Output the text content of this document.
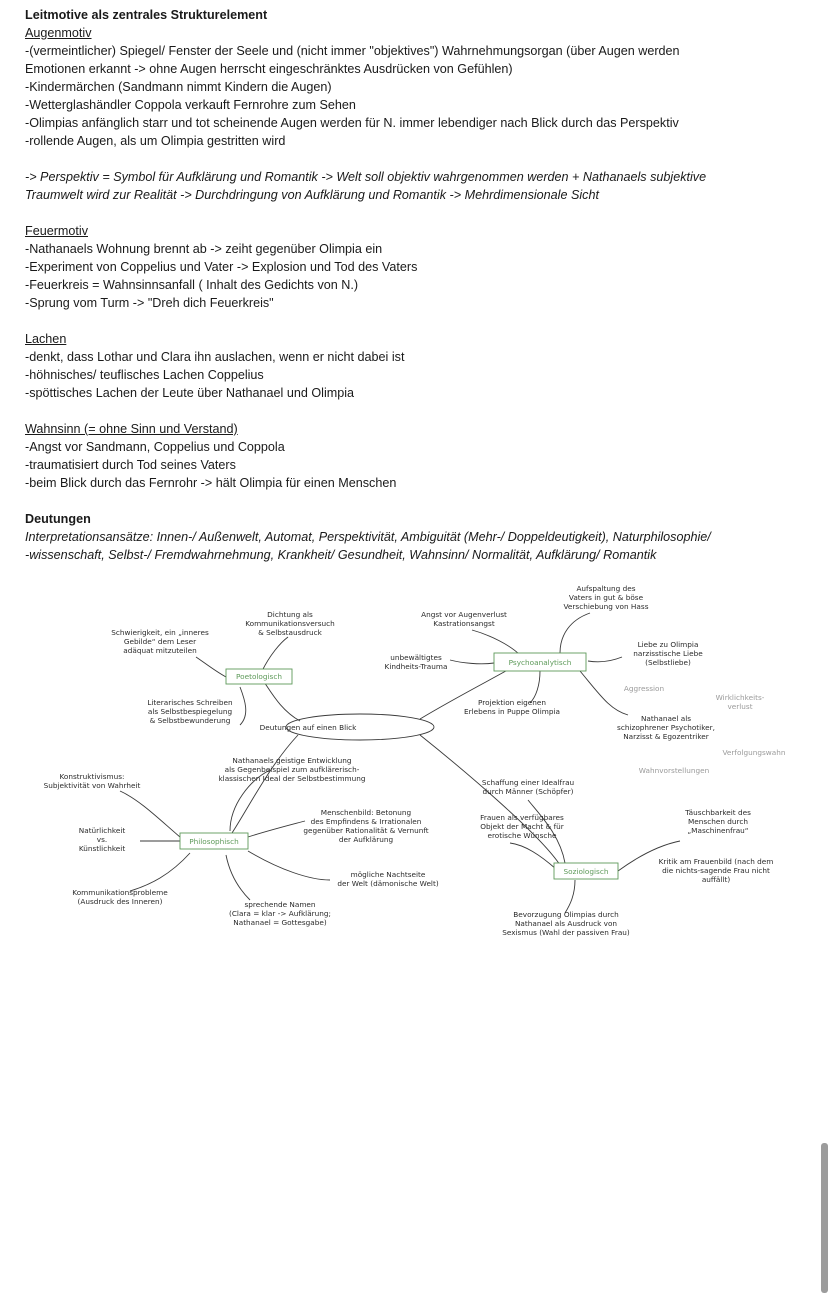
Leitmotive als zentrales Strukturelement

Augenmotiv

-(vermeintlicher) Spiegel/ Fenster der Seele und (nicht immer "objektives") Wahrnehmungsorgan (über Augen werden

Emotionen erkannt -> ohne Augen herrscht eingeschränktes Ausdrücken von Gefühlen)

-Kindermärchen (Sandmann nimmt Kindern die Augen)

-Wetterglashändler Coppola verkauft Fernrohre zum Sehen

-Olimpias anfänglich starr und tot scheinende Augen werden für N. immer lebendiger nach Blick durch das Perspektiv

-rollende Augen, als um Olimpia gestritten wird

-> Perspektiv = Symbol für Aufklärung und Romantik -> Welt soll objektiv wahrgenommen werden + Nathanaels subjektive

Traumwelt wird zur Realität -> Durchdringung von Aufklärung und Romantik -> Mehrdimensionale Sicht

Feuermotiv

-Nathanaels Wohnung brennt ab -> zeiht gegenüber Olimpia ein

-Experiment von Coppelius und Vater -> Explosion und Tod des Vaters

-Feuerkreis = Wahnsinnsanfall ( Inhalt des Gedichts von N.)

-Sprung vom Turm -> "Dreh dich Feuerkreis"

Lachen

-denkt, dass Lothar und Clara ihn auslachen, wenn er nicht dabei ist

-höhnisches/ teuflisches Lachen Coppelius

-spöttisches Lachen der Leute über Nathanael und Olimpia

Wahnsinn (= ohne Sinn und Verstand)

-Angst vor Sandmann, Coppelius und Coppola

-traumatisiert durch Tod seines Vaters

-beim Blick durch das Fernrohr -> hält Olimpia für einen Menschen

Deutungen

Interpretationsansätze: Innen-/ Außenwelt, Automat, Perspektivität, Ambiguität (Mehr-/ Doppeldeutigkeit), Naturphilosophie/

-wissenschaft, Selbst-/ Fremdwahrnehmung, Krankheit/ Gesundheit, Wahnsinn/ Normalität, Aufklärung/ Romantik

Deutungen auf einen Blick
Poetologisch
Psychoanalytisch
Philosophisch
Soziologisch
Dichtung als
Kommunikationsversuch
& Selbstausdruck
Schwierigkeit, ein „inneres
Gebilde“ dem Leser
adäquat mitzuteilen
Literarisches Schreiben
als Selbstbespiegelung
& Selbstbewunderung
Aufspaltung des
Vaters in gut & böse
Verschiebung von Hass
Angst vor Augenverlust
Kastrationsangst
Liebe zu Olimpia
narzisstische Liebe
(Selbstliebe)
unbewältigtes
Kindheits-Trauma
Projektion eigenen
Erlebens in Puppe Olimpia
Nathanael als
schizophrener Psychotiker,
Narzisst & Egozentriker
Aggression
Wirklichkeits-
verlust
Verfolgungswahn
Wahnvorstellungen
Nathanaels geistige Entwicklung
als Gegenbeispiel zum aufklärerisch-
klassischen Ideal der Selbstbestimmung
Konstruktivismus:
Subjektivität von Wahrheit
Menschenbild: Betonung
des Empfindens & Irrationalen
gegenüber Rationalität & Vernunft
der Aufklärung
Natürlichkeit
vs.
Künstlichkeit
mögliche Nachtseite
der Welt (dämonische Welt)
Kommunikationsprobleme
(Ausdruck des Inneren)	sprechende Namen
(Clara = klar -> Aufklärung;
Nathanael = Gottesgabe)
Schaffung einer Idealfrau
durch Männer (Schöpfer)
Frauen als verfügbares
Objekt der Macht & für
erotische Wünsche
Täuschbarkeit des
Menschen durch
„Maschinenfrau“
Kritik am Frauenbild (nach dem
die nichts-sagende Frau nicht
auffällt)
Bevorzugung Olimpias durch
Nathanael als Ausdruck von
Sexismus (Wahl der passiven Frau)
